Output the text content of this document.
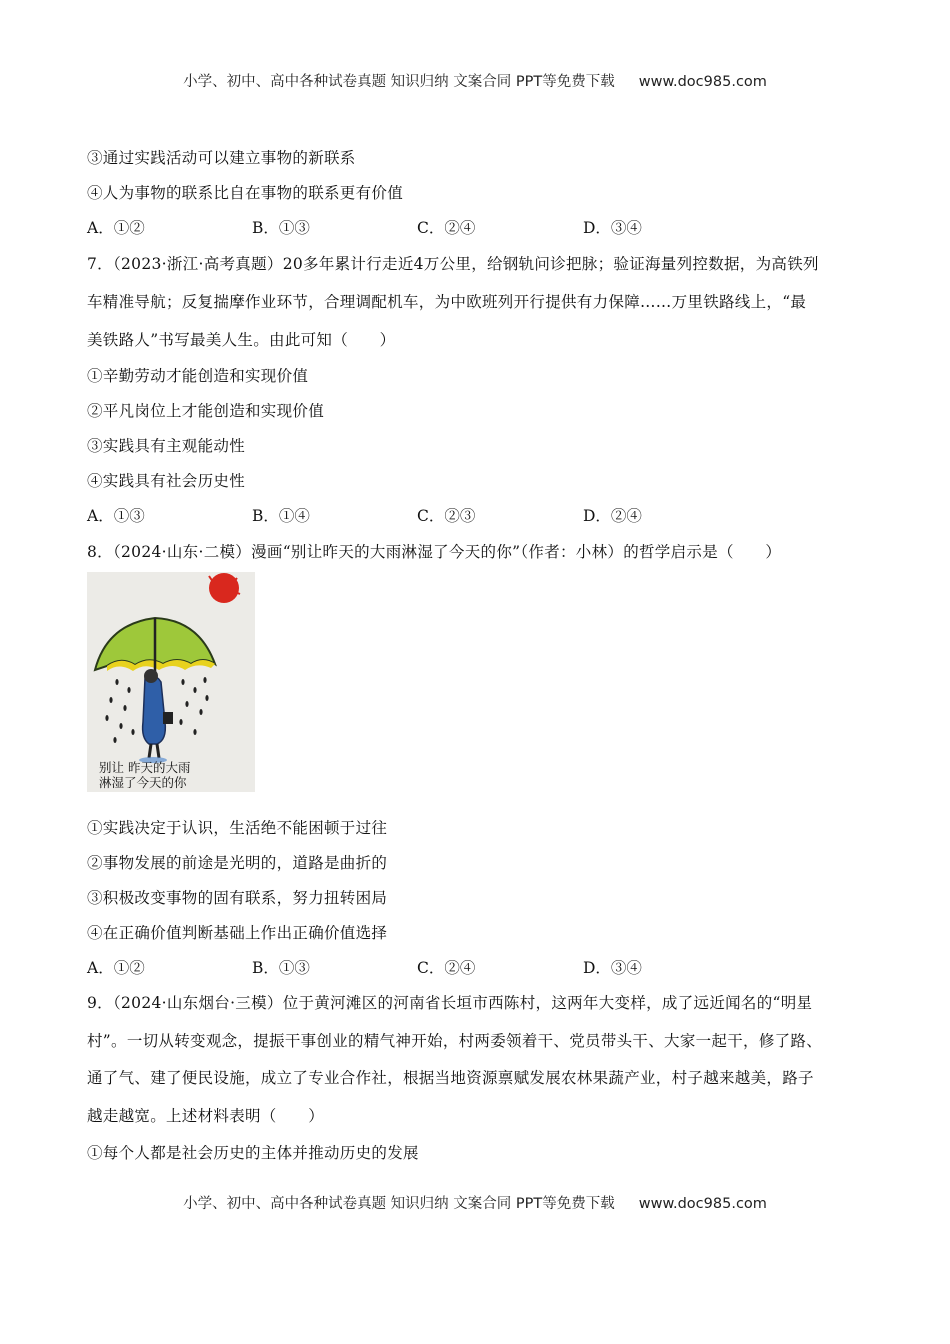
小学、初中、高中各种试卷真题 知识归纳 文案合同 PPT等免费下载 www.doc985.com
③通过实践活动可以建立事物的新联系
④人为事物的联系比自在事物的联系更有价值
A．①②	B．①③	C．②④	D．③④
7．（2023·浙江·高考真题）20多年累计行走近4万公里，给钢轨问诊把脉；验证海量列控数据，为高铁列
车精准导航；反复揣摩作业环节，合理调配机车，为中欧班列开行提供有力保障……万里铁路线上，“最
美铁路人”书写最美人生。由此可知（　　）
①辛勤劳动才能创造和实现价值
②平凡岗位上才能创造和实现价值
③实践具有主观能动性
④实践具有社会历史性
A．①③	B．①④	C．②③	D．②④
8．（2024·山东·二模）漫画“别让昨天的大雨淋湿了今天的你”（作者：小林）的哲学启示是（　　）
别让 昨天的大雨
淋湿了今天的你
①实践决定于认识，生活绝不能困顿于过往
②事物发展的前途是光明的，道路是曲折的
③积极改变事物的固有联系，努力扭转困局
④在正确价值判断基础上作出正确价值选择
A．①②	B．①③	C．②④	D．③④
9．（2024·山东烟台·三模）位于黄河滩区的河南省长垣市西陈村，这两年大变样，成了远近闻名的“明星
村”。一切从转变观念，提振干事创业的精气神开始，村两委领着干、党员带头干、大家一起干，修了路、
通了气、建了便民设施，成立了专业合作社，根据当地资源禀赋发展农林果蔬产业，村子越来越美，路子
越走越宽。上述材料表明（　　）
①每个人都是社会历史的主体并推动历史的发展
小学、初中、高中各种试卷真题 知识归纳 文案合同 PPT等免费下载 www.doc985.com
